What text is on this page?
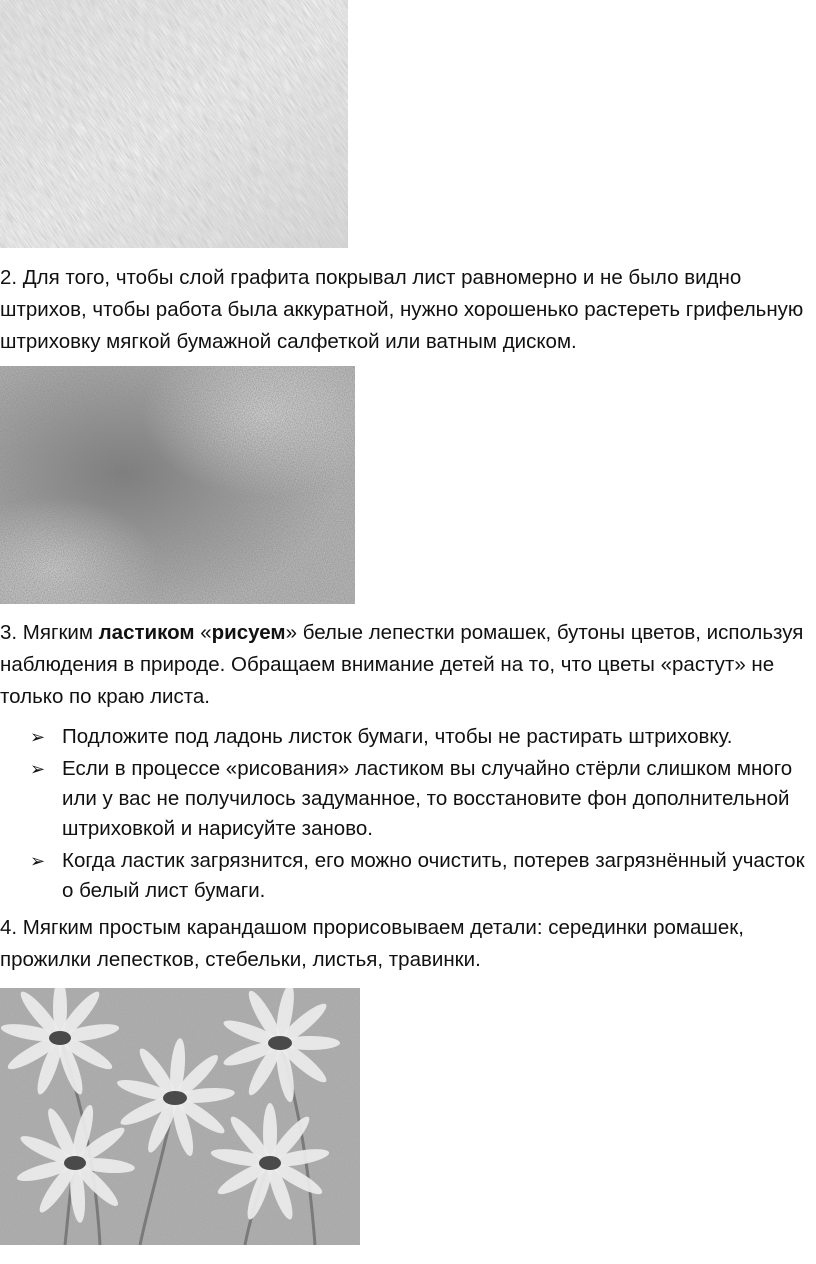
2. Для того, чтобы слой графита покрывал лист равномерно и не было видно штрихов, чтобы работа была аккуратной, нужно хорошенько растереть грифельную штриховку мягкой бумажной салфеткой или ватным диском.

3. Мягким ластиком «рисуем» белые лепестки ромашек, бутоны цветов, используя наблюдения в природе. Обращаем внимание детей на то, что цветы «растут» не только по краю листа.

➢ Подложите под ладонь листок бумаги, чтобы не растирать штриховку.
➢ Если в процессе «рисования» ластиком вы случайно стёрли слишком много или у вас не получилось задуманное, то восстановите фон дополнительной штриховкой и нарисуйте заново.
➢ Когда ластик загрязнится, его можно очистить, потерев загрязнённый участок о белый лист бумаги.

4. Мягким простым карандашом прорисовываем детали: серединки ромашек, прожилки лепестков, стебельки, листья, травинки.
